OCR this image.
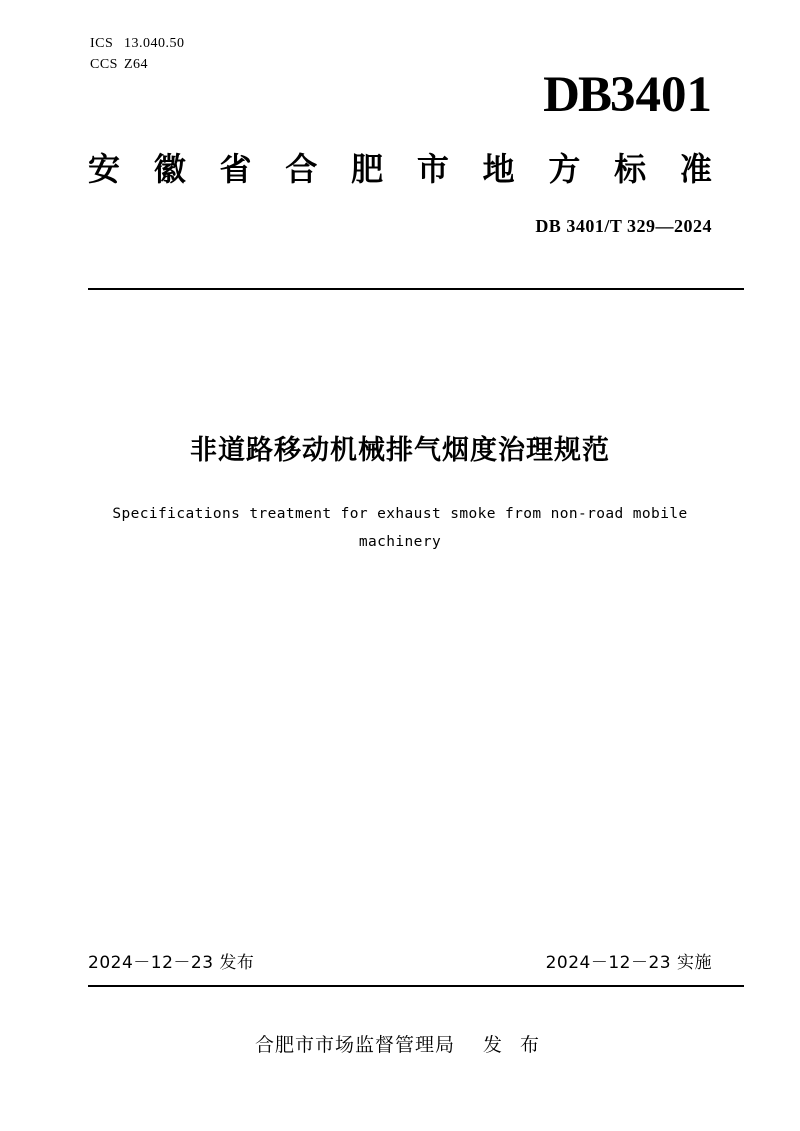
ICS 13.040.50
CCS Z64
DB3401
安 徽 省 合 肥 市 地 方 标 准
DB 3401/T 329—2024
非道路移动机械排气烟度治理规范
Specifications treatment for exhaust smoke from non-road mobile
machinery
2024－12－23 发布	2024－12－23 实施
合肥市市场监督管理局 发 布
